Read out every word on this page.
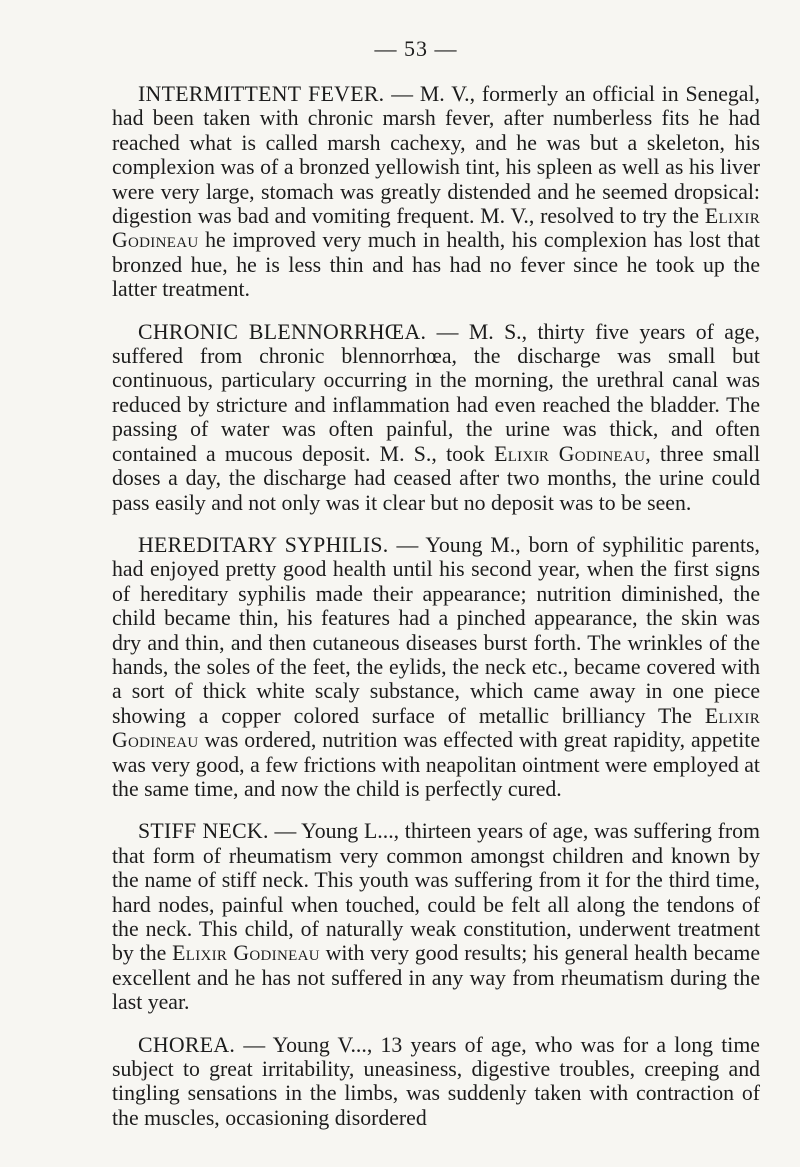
— 53 —

INTERMITTENT FEVER. — M. V., formerly an official in Senegal, had been taken with chronic marsh fever, after numberless fits he had reached what is called marsh cachexy, and he was but a skeleton, his complexion was of a bronzed yellowish tint, his spleen as well as his liver were very large, stomach was greatly distended and he seemed dropsical: digestion was bad and vomiting frequent. M. V., resolved to try the Elixir Godineau he improved very much in health, his complexion has lost that bronzed hue, he is less thin and has had no fever since he took up the latter treatment.

CHRONIC BLENNORRHŒA. — M. S., thirty five years of age, suffered from chronic blennorrhœa, the discharge was small but continuous, particulary occurring in the morning, the urethral canal was reduced by stricture and inflammation had even reached the bladder. The passing of water was often painful, the urine was thick, and often contained a mucous deposit. M. S., took Elixir Godineau, three small doses a day, the discharge had ceased after two months, the urine could pass easily and not only was it clear but no deposit was to be seen.

HEREDITARY SYPHILIS. — Young M., born of syphilitic parents, had enjoyed pretty good health until his second year, when the first signs of hereditary syphilis made their appearance; nutrition diminished, the child became thin, his features had a pinched appearance, the skin was dry and thin, and then cutaneous diseases burst forth. The wrinkles of the hands, the soles of the feet, the eylids, the neck etc., became covered with a sort of thick white scaly substance, which came away in one piece showing a copper colored surface of metallic brilliancy The Elixir Godineau was ordered, nutrition was effected with great rapidity, appetite was very good, a few frictions with neapolitan ointment were employed at the same time, and now the child is perfectly cured.

STIFF NECK. — Young L..., thirteen years of age, was suffering from that form of rheumatism very common amongst children and known by the name of stiff neck. This youth was suffering from it for the third time, hard nodes, painful when touched, could be felt all along the tendons of the neck. This child, of naturally weak constitution, underwent treatment by the Elixir Godineau with very good results; his general health became excellent and he has not suffered in any way from rheumatism during the last year.

CHOREA. — Young V..., 13 years of age, who was for a long time subject to great irritability, uneasiness, digestive troubles, creeping and tingling sensations in the limbs, was suddenly taken with contraction of the muscles, occasioning disordered
